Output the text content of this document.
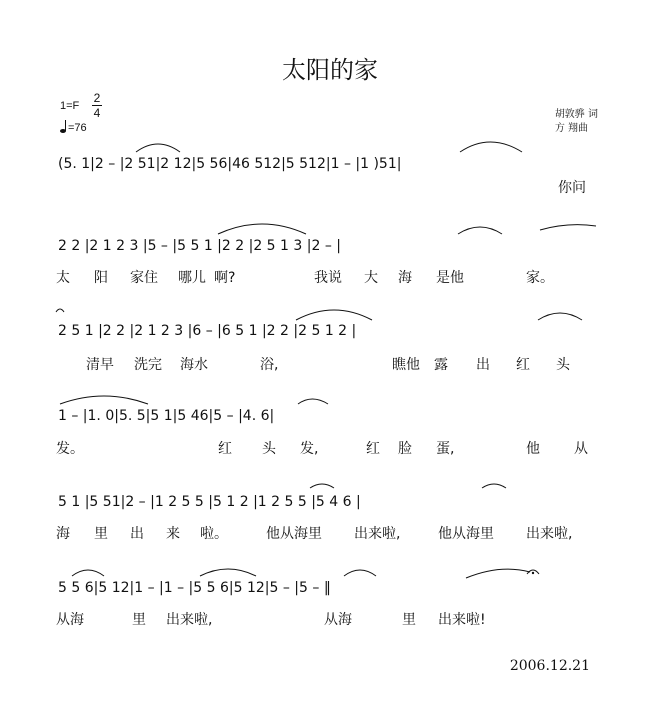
太阳的家
1=F
2
4
=76
胡敦骅 词
方 翔曲
(5. 1|2 – |2 51|2 12|5 56|46 512|5 512|1 – |1 )51|
2 2 |2 1 2 3 |5 – |5 5 1 |2 2 |2 5 1 3 |2 – |
2 5 1 |2 2 |2 1 2 3 |6 – |6 5 1 |2 2 |2 5 1 2 |
1 – |1. 0|5. 5|5 1|5 46|5 – |4. 6|
5 1 |5 51|2 – |1 2 5 5 |5 1 2 |1 2 5 5 |5 4 6 |
5 5 6|5 12|1 – |1 – |5 5 6|5 12|5 – |5 – ‖
你问
太 阳 家住 哪儿 啊?	我说 大 海 是他	家。
清早 洗完 海水	浴,	瞧他 露 出 红 头
发。	红 头 发,	红 脸 蛋,	他 从
海 里 出 来 啦。	他从海里 出来啦,	他从海里 出来啦,
从海	里 出来啦,	从海	里 出来啦!
2006.12.21
